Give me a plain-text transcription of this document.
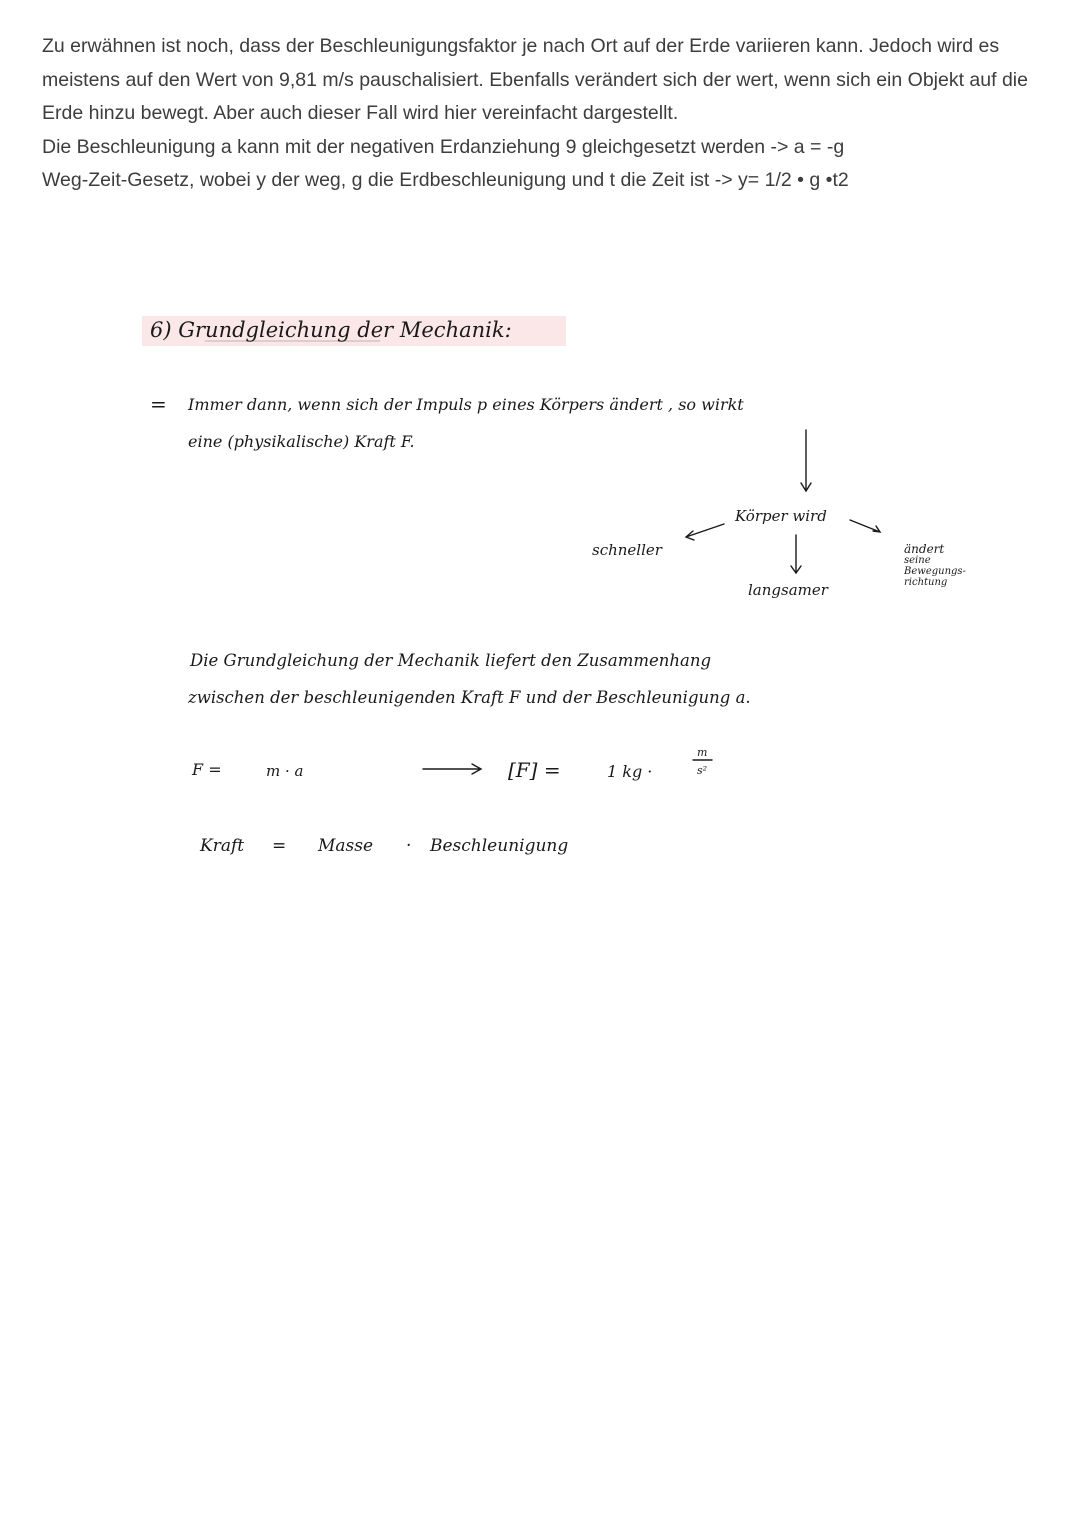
Zu erwähnen ist noch, dass der Beschleunigungsfaktor je nach Ort auf der Erde variieren kann. Jedoch wird es meistens auf den Wert von 9,81 m/s pauschalisiert. Ebenfalls verändert sich der wert, wenn sich ein Objekt auf die Erde hinzu bewegt. Aber auch dieser Fall wird hier vereinfacht dargestellt.

Die Beschleunigung a kann mit der negativen Erdanziehung 9 gleichgesetzt werden -> a = -g

Weg-Zeit-Gesetz, wobei y der weg, g die Erdbeschleunigung und t die Zeit ist -> y= 1/2 • g •t2

6) Grundgleichung der Mechanik:
= Immer dann, wenn sich der Impuls p eines Körpers ändert , so wirkt
eine (physikalische) Kraft F.
Körper wird
schneller
langsamer
ändert
seine
Bewegungs-
richtung
Die Grundgleichung der Mechanik liefert den Zusammenhang
zwischen der beschleunigenden Kraft F und der Beschleunigung a.
F =	m · a	[F] =	1 kg ·
m
s²
Kraft = Masse · Beschleunigung
